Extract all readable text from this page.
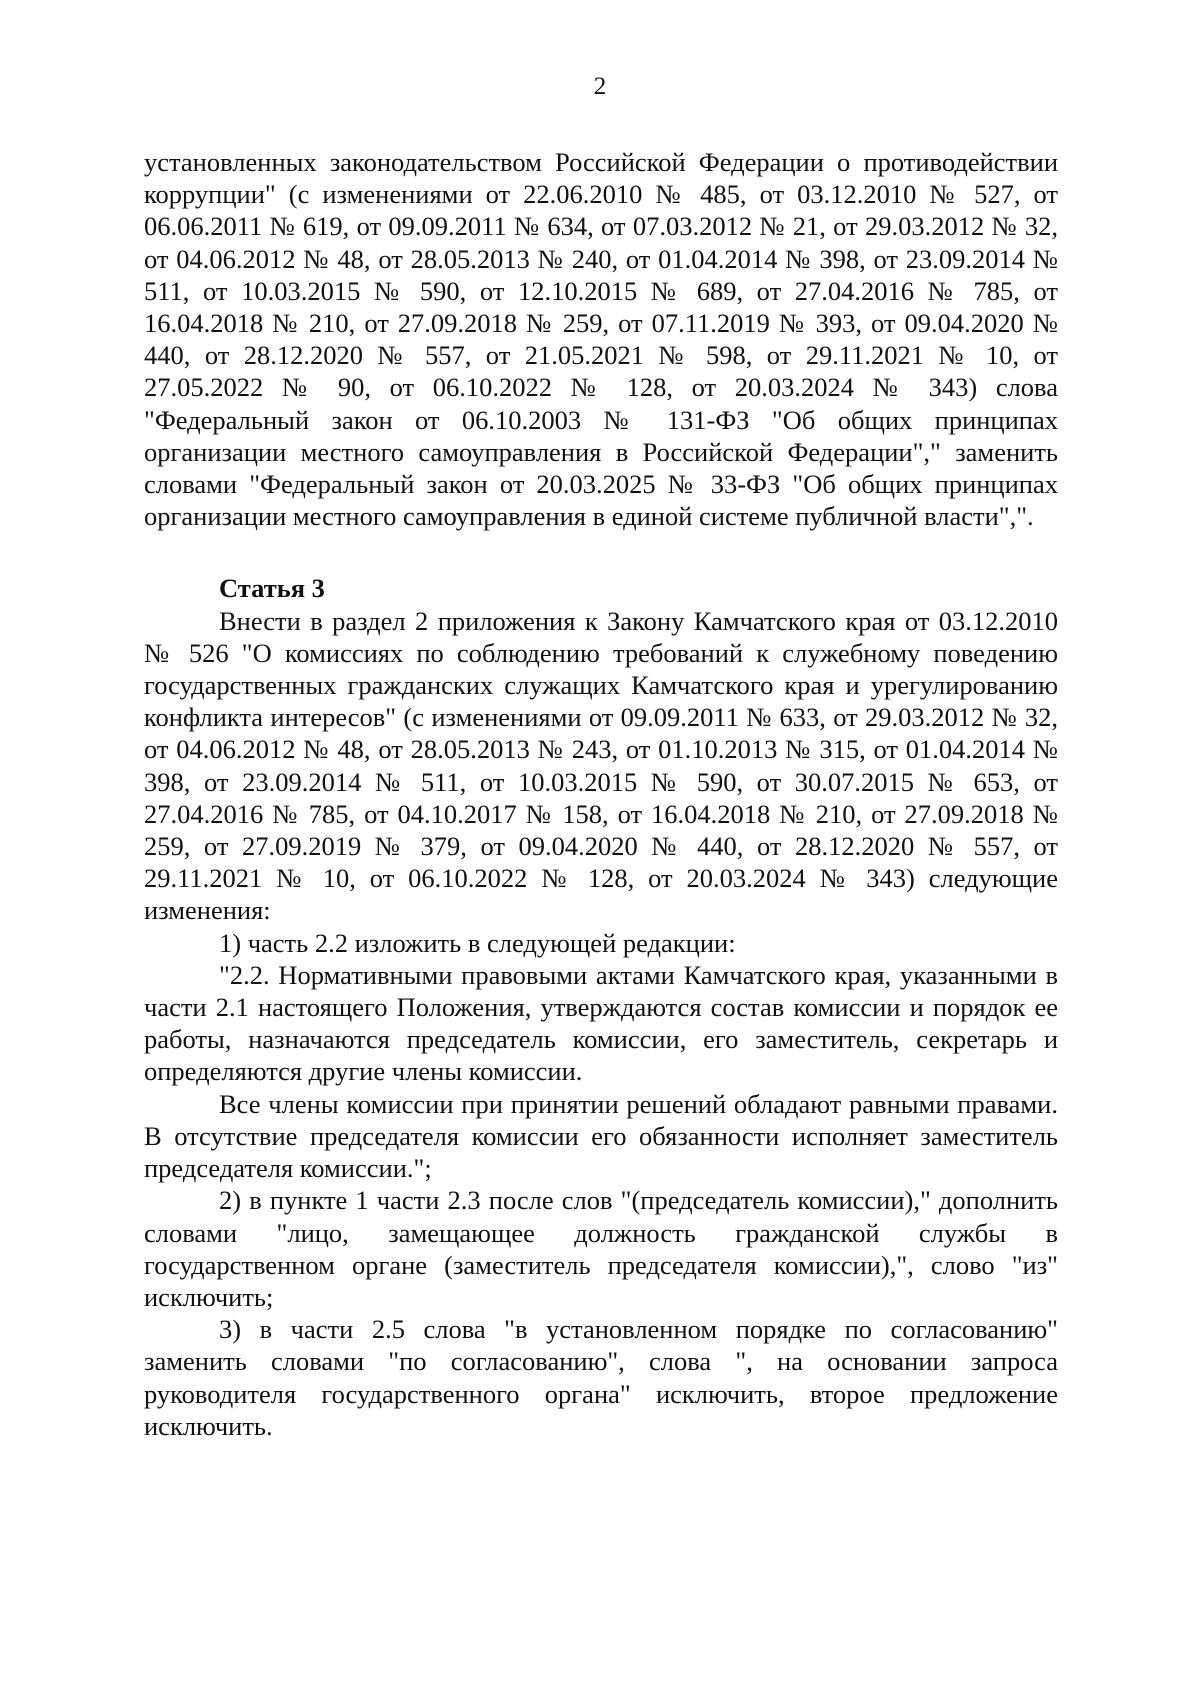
2

установленных законодательством Российской Федерации о противодействии коррупции" (с изменениями от 22.06.2010 № 485, от 03.12.2010 № 527, от 06.06.2011 № 619, от 09.09.2011 № 634, от 07.03.2012 № 21, от 29.03.2012 № 32, от 04.06.2012 № 48, от 28.05.2013 № 240, от 01.04.2014 № 398, от 23.09.2014 № 511, от 10.03.2015 № 590, от 12.10.2015 № 689, от 27.04.2016 № 785, от 16.04.2018 № 210, от 27.09.2018 № 259, от 07.11.2019 № 393, от 09.04.2020 № 440, от 28.12.2020 № 557, от 21.05.2021 № 598, от 29.11.2021 № 10, от 27.05.2022 № 90, от 06.10.2022 № 128, от 20.03.2024 № 343) слова "Федеральный закон от 06.10.2003 № 131-ФЗ "Об общих принципах организации местного самоуправления в Российской Федерации"," заменить словами "Федеральный закон от 20.03.2025 № 33-ФЗ "Об общих принципах организации местного самоуправления в единой системе публичной власти",".

Статья 3

Внести в раздел 2 приложения к Закону Камчатского края от 03.12.2010 № 526 "О комиссиях по соблюдению требований к служебному поведению государственных гражданских служащих Камчатского края и урегулированию конфликта интересов" (с изменениями от 09.09.2011 № 633, от 29.03.2012 № 32, от 04.06.2012 № 48, от 28.05.2013 № 243, от 01.10.2013 № 315, от 01.04.2014 № 398, от 23.09.2014 № 511, от 10.03.2015 № 590, от 30.07.2015 № 653, от 27.04.2016 № 785, от 04.10.2017 № 158, от 16.04.2018 № 210, от 27.09.2018 № 259, от 27.09.2019 № 379, от 09.04.2020 № 440, от 28.12.2020 № 557, от 29.11.2021 № 10, от 06.10.2022 № 128, от 20.03.2024 № 343) следующие изменения:

1) часть 2.2 изложить в следующей редакции:

"2.2. Нормативными правовыми актами Камчатского края, указанными в части 2.1 настоящего Положения, утверждаются состав комиссии и порядок ее работы, назначаются председатель комиссии, его заместитель, секретарь и определяются другие члены комиссии.

Все члены комиссии при принятии решений обладают равными правами. В отсутствие председателя комиссии его обязанности исполняет заместитель председателя комиссии.";

2) в пункте 1 части 2.3 после слов "(председатель комиссии)," дополнить словами "лицо, замещающее должность гражданской службы в государственном органе (заместитель председателя комиссии),", слово "из" исключить;

3) в части 2.5 слова "в установленном порядке по согласованию" заменить словами "по согласованию", слова ", на основании запроса руководителя государственного органа" исключить, второе предложение исключить.
